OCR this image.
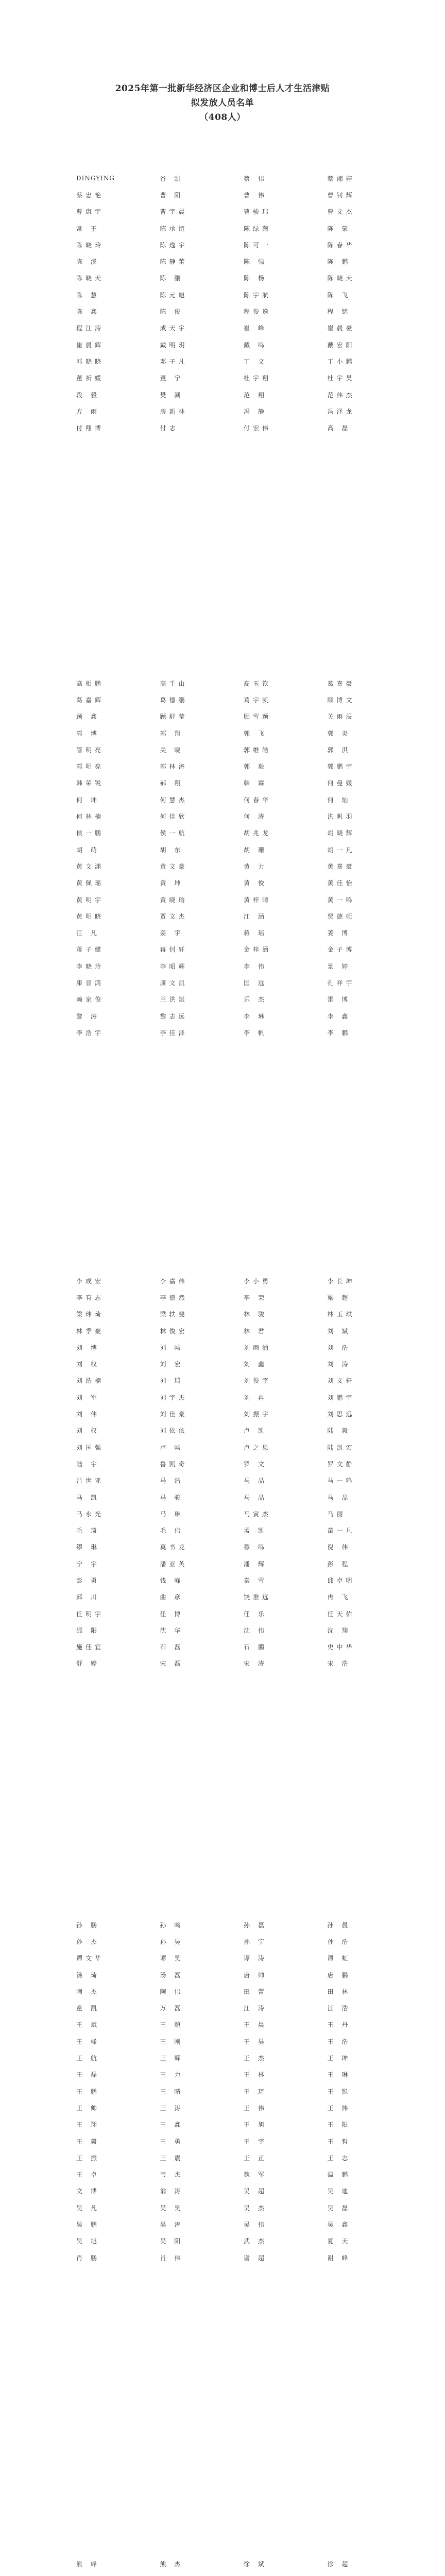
2025年第一批新华经济区企业和博士后人才生活津贴
拟发放人员名单
（408人）
DINGYING	谷 凯	蔡 伟	蔡湘婷
蔡忠艳	曹 阳	曹 伟	曹钊辉
曹康宇	曹宇晨	曹骏玮	曹文杰
常 王	陈承谊	陈绿茵	陈 蒙
陈晓玲	陈逸宇	陈可一	陈春华
陈 溪	陈静蕾	陈 强	陈 鹏
陈晓天	陈 鹏	陈 杨	陈晓天
陈 慧	陈元旭	陈宇航	陈 飞
陈 鑫	陈 俊	程俊逸	程 铭
程江涛	成天宇	崔 峰	崔晨豪
崔晨辉	戴明玥	戴 鸣	戴宏阳
邓晓晓	邓子凡	丁 文	丁小鹏
董祈媛	董 宁	杜宇翔	杜宇昊
段 毅	樊 潮	范 翔	范伟杰
方 雨	房新林	冯 静	冯泽龙
付翔博	付志	付宏伟	高 磊
高相鹏	高千山	高玉钦	葛嘉豪
葛嘉辉	葛德鹏	葛宇凯	顾博文
顾 鑫	顾舒莹	顾雪颖	关雨辰
郭 博	郭 翔	郭 飞	郭 炎
管明亮	关 晓	郭维皓	郭 淇
郭明亮	郭林涛	郭 毅	郭鹏宇
韩荣锐	郝 翔	韩 霖	何曼媛
何 坤	何慧杰	何春华	何 灿
何林楠	何佳欣	何 涛	洪帆羽
侯一鹏	侯一航	胡兆龙	胡晓辉
胡 萌	胡 东	胡 珊	胡一凡
黄文渊	黄文豪	黄 力	黄嘉豪
黄佩瑶	黄 坤	黄 俊	黄佳怡
黄明宇	黄晓瑜	黄梓晴	黄一鸣
黄明晓	贾文杰	江 涵	贾德硕
江 凡	姜 宇	蒋 瑶	姜 博
蒋子健	蒋钊轩	金梓涵	金子博
李晓玲	李昭辉	李 伟	景 婷
康晋鸿	康文凯	匡 远	孔祥宇
赖家俊	兰洪斌	乐 杰	雷 博
黎 涛	黎志远	李 琳	李 鑫
李浩宇	李佳泽	李 帆	李 鹏
李成宏	李嘉伟	李小勇	李长坤
李有志	李德然	李 荣	梁 超
梁玮琦	梁轶斐	林 骏	林玉琪
林季豪	林俊宏	林 君	刘 斌
刘 博	刘 畅	刘雨涵	刘 浩
刘 权	刘 宏	刘 鑫	刘 涛
刘浩楠	刘 瑞	刘俊宇	刘文轩
刘 军	刘宇杰	刘 冉	刘鹏宇
刘 伟	刘佳豪	刘振宇	刘思远
刘 权	刘依依	卢 凯	陆 毅
刘国强	卢 畅	卢之恩	陆凯宏
陆 宇	鲁凯奇	罗 文	罗文静
吕世亚	马 浩	马 晶	马一鸣
马 凯	马 骏	马 晶	马 晶
马永光	马 琳	马寅杰	马丽
毛 琦	毛 伟	孟 凯	苗一凡
缪 琳	莫书龙	穆 鸣	倪 伟
宁 宇	潘亚英	潘 辉	彭 程
彭 勇	钱 峰	秦 雪	邱卓明
邱 川	曲 彦	饶淮远	冉 飞
任明宇	任 博	任 乐	任天佑
邵 阳	沈 华	沈 伟	沈 翔
施佳宜	石 磊	石 鹏	史中华
舒 婷	宋 磊	宋 涛	宋 浩
孙 鹏	孙 鸣	孙 磊	孙 晨
孙 杰	孙 昊	孙 宁	孙 浩
谭文华	谭 昊	谭 涛	谭 虹
汤 琦	汤 磊	唐 帅	唐 鹏
陶 杰	陶 伟	田 蕾	田 林
童 凯	万 磊	汪 涛	汪 浩
王 斌	王 超	王 晨	王 丹
王 峰	王 刚	王 昊	王 浩
王 航	王 辉	王 杰	王 坤
王 磊	王 力	王 林	王 琳
王 鹏	王 晴	王 琦	王 锐
王 帅	王 涛	王 伟	王 炜
王 翔	王 鑫	王 旭	王 阳
王 毅	王 勇	王 宇	王 哲
王 振	王 震	王 正	王 志
王 卓	韦 杰	魏 军	温 鹏
文 博	翁 涛	吴 超	吴 迪
吴 凡	吴 昊	吴 杰	吴 磊
吴 鹏	吴 涛	吴 伟	吴 鑫
吴 旭	吴 阳	武 杰	夏 天
肖 鹏	肖 伟	谢 超	谢 峰
熊 峰	熊 杰	徐 斌	徐 超
